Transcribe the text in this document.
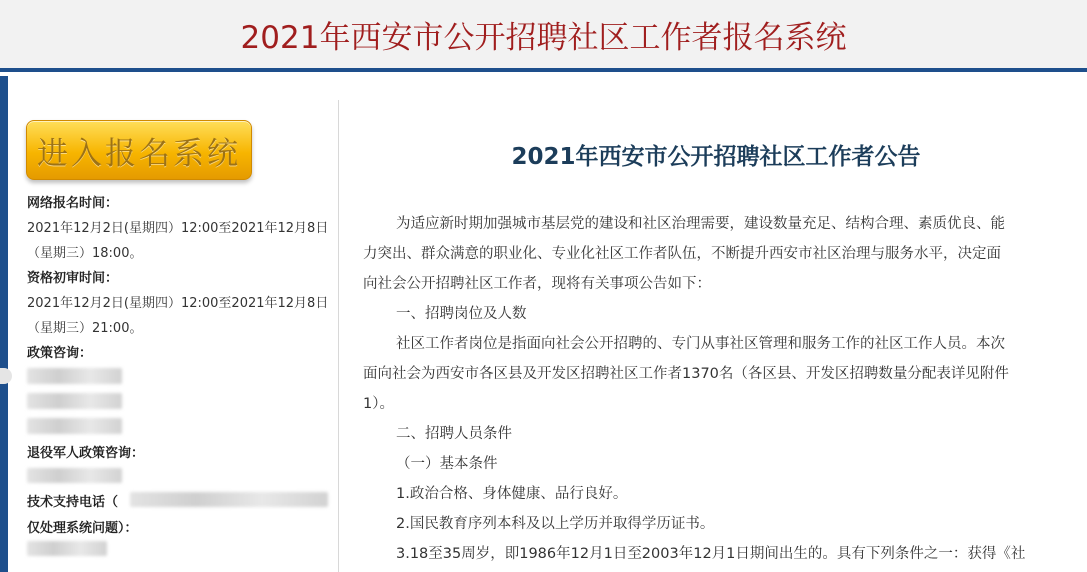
2021年西安市公开招聘社区工作者报名系统
进入报名系统
网络报名时间：
2021年12月2日(星期四）12:00至2021年12月8日
（星期三）18:00。
资格初审时间：
2021年12月2日(星期四）12:00至2021年12月8日
（星期三）21:00。
政策咨询：
退役军人政策咨询：
技术支持电话（
仅处理系统问题）：
2021年西安市公开招聘社区工作者公告
为适应新时期加强城市基层党的建设和社区治理需要，建设数量充足、结构合理、素质优良、能
力突出、群众满意的职业化、专业化社区工作者队伍，不断提升西安市社区治理与服务水平，决定面
向社会公开招聘社区工作者，现将有关事项公告如下：
一、招聘岗位及人数
社区工作者岗位是指面向社会公开招聘的、专门从事社区管理和服务工作的社区工作人员。本次
面向社会为西安市各区县及开发区招聘社区工作者1370名（各区县、开发区招聘数量分配表详见附件
1）。
二、招聘人员条件
（一）基本条件
1.政治合格、身体健康、品行良好。
2.国民教育序列本科及以上学历并取得学历证书。
3.18至35周岁，即1986年12月1日至2003年12月1日期间出生的。具有下列条件之一：获得《社
